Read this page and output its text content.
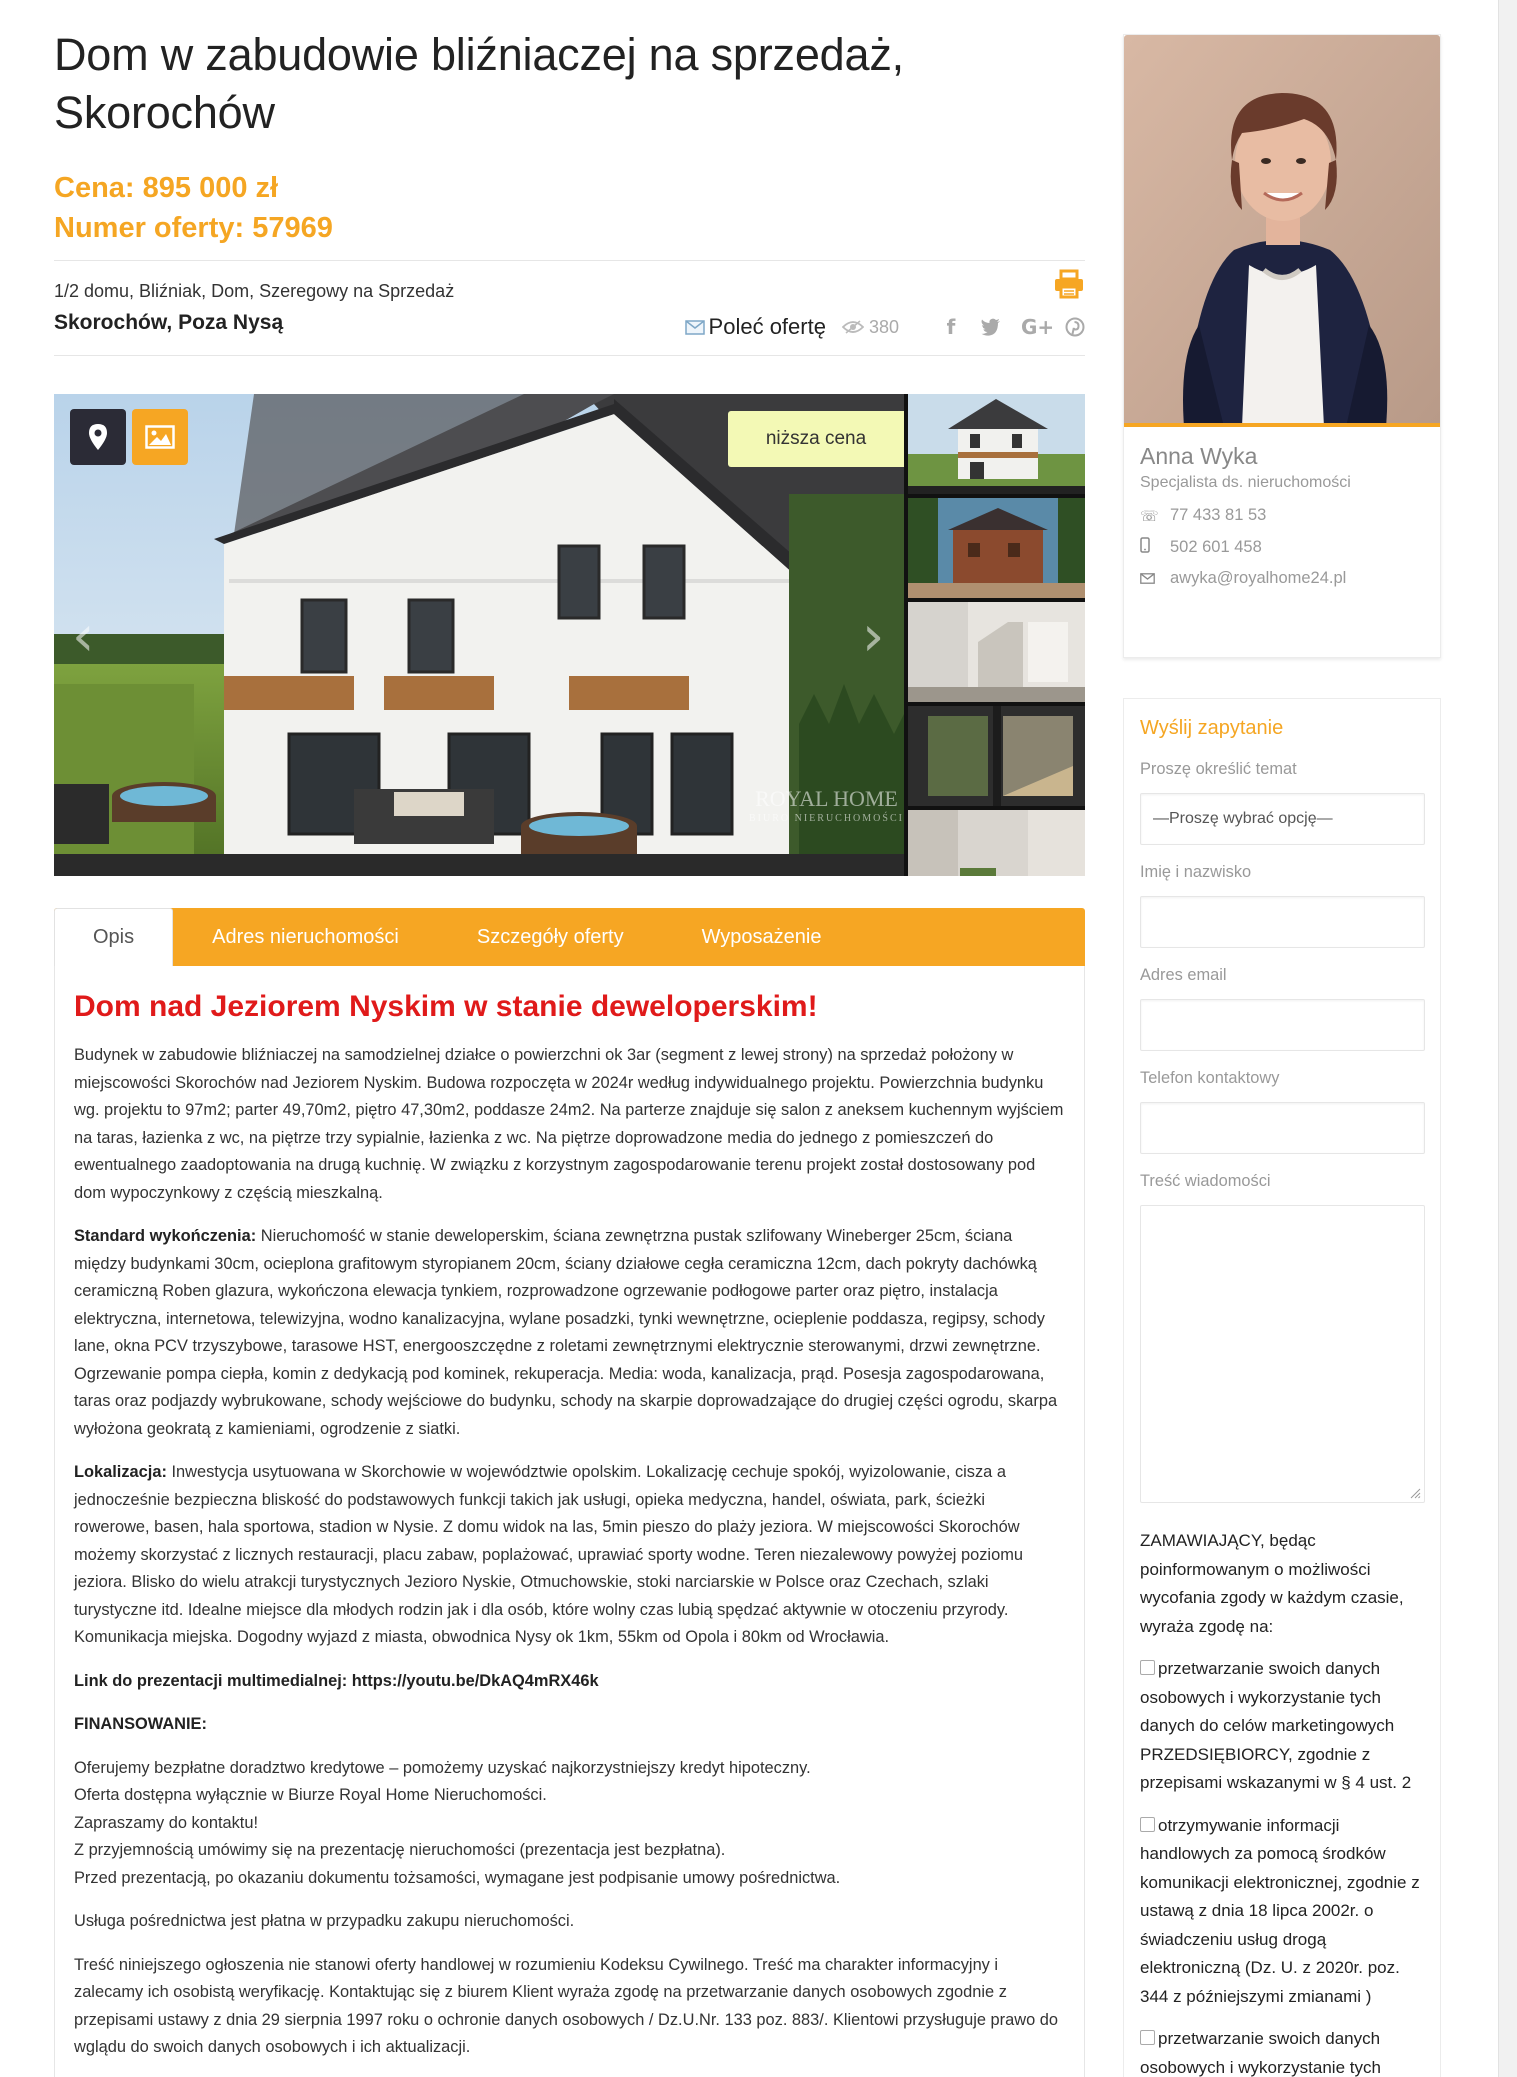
Dom w zabudowie bliźniaczej na sprzedaż, Skorochów
Cena: 895 000 zł
Numer oferty: 57969
1/2 domu, Bliźniak, Dom, Szeregowy na Sprzedaż
Skorochów, Poza Nysą	Poleć ofertę 380 f	G+
‹	›
ROYAL HOME
BIURO NIERUCHOMOŚCI
niższa cena
Opis	Adres nieruchomości	Szczegóły oferty	Wyposażenie
Dom nad Jeziorem Nyskim w stanie deweloperskim!

Budynek w zabudowie bliźniaczej na samodzielnej działce o powierzchni ok 3ar (segment z lewej strony) na sprzedaż położony w miejscowości Skorochów nad Jeziorem Nyskim. Budowa rozpoczęta w 2024r według indywidualnego projektu. Powierzchnia budynku wg. projektu to 97m2; parter 49,70m2, piętro 47,30m2, poddasze 24m2. Na parterze znajduje się salon z aneksem kuchennym wyjściem na taras, łazienka z wc, na piętrze trzy sypialnie, łazienka z wc. Na piętrze doprowadzone media do jednego z pomieszczeń do ewentualnego zaadoptowania na drugą kuchnię. W związku z korzystnym zagospodarowanie terenu projekt został dostosowany pod dom wypoczynkowy z częścią mieszkalną.

Standard wykończenia: Nieruchomość w stanie deweloperskim, ściana zewnętrzna pustak szlifowany Wineberger 25cm, ściana między budynkami 30cm, ocieplona grafitowym styropianem 20cm, ściany działowe cegła ceramiczna 12cm, dach pokryty dachówką ceramiczną Roben glazura, wykończona elewacja tynkiem, rozprowadzone ogrzewanie podłogowe parter oraz piętro, instalacja elektryczna, internetowa, telewizyjna, wodno kanalizacyjna, wylane posadzki, tynki wewnętrzne, ocieplenie poddasza, regipsy, schody lane, okna PCV trzyszybowe, tarasowe HST, energooszczędne z roletami zewnętrznymi elektrycznie sterowanymi, drzwi zewnętrzne. Ogrzewanie pompa ciepła, komin z dedykacją pod kominek, rekuperacja. Media: woda, kanalizacja, prąd. Posesja zagospodarowana, taras oraz podjazdy wybrukowane, schody wejściowe do budynku, schody na skarpie doprowadzające do drugiej części ogrodu, skarpa wyłożona geokratą z kamieniami, ogrodzenie z siatki.

Lokalizacja: Inwestycja usytuowana w Skorchowie w województwie opolskim. Lokalizację cechuje spokój, wyizolowanie, cisza a jednocześnie bezpieczna bliskość do podstawowych funkcji takich jak usługi, opieka medyczna, handel, oświata, park, ścieżki rowerowe, basen, hala sportowa, stadion w Nysie. Z domu widok na las, 5min pieszo do plaży jeziora. W miejscowości Skorochów możemy skorzystać z licznych restauracji, placu zabaw, poplażować, uprawiać sporty wodne. Teren niezalewowy powyżej poziomu jeziora. Blisko do wielu atrakcji turystycznych Jezioro Nyskie, Otmuchowskie, stoki narciarskie w Polsce oraz Czechach, szlaki turystyczne itd. Idealne miejsce dla młodych rodzin jak i dla osób, które wolny czas lubią spędzać aktywnie w otoczeniu przyrody. Komunikacja miejska. Dogodny wyjazd z miasta, obwodnica Nysy ok 1km, 55km od Opola i 80km od Wrocławia.

Link do prezentacji multimedialnej: https://youtu.be/DkAQ4mRX46k

FINANSOWANIE:

Oferujemy bezpłatne doradztwo kredytowe – pomożemy uzyskać najkorzystniejszy kredyt hipoteczny.
Oferta dostępna wyłącznie w Biurze Royal Home Nieruchomości.
Zapraszamy do kontaktu!
Z przyjemnością umówimy się na prezentację nieruchomości (prezentacja jest bezpłatna).
Przed prezentacją, po okazaniu dokumentu tożsamości, wymagane jest podpisanie umowy pośrednictwa.

Usługa pośrednictwa jest płatna w przypadku zakupu nieruchomości.

Treść niniejszego ogłoszenia nie stanowi oferty handlowej w rozumieniu Kodeksu Cywilnego. Treść ma charakter informacyjny i zalecamy ich osobistą weryfikację. Kontaktując się z biurem Klient wyraża zgodę na przetwarzanie danych osobowych zgodnie z przepisami ustawy z dnia 29 sierpnia 1997 roku o ochronie danych osobowych / Dz.U.Nr. 133 poz. 883/. Klientowi przysługuje prawo do wglądu do swoich danych osobowych i ich aktualizacji.

Anna Wyka
Specjalista ds. nieruchomości
☏ 77 433 81 53
502 601 458
awyka@royalhome24.pl
Wyślij zapytanie
Proszę określić temat
—Proszę wybrać opcję—
Imię i nazwisko
Adres email
Telefon kontaktowy
Treść wiadomości
ZAMAWIAJĄCY, będąc poinformowanym o możliwości wycofania zgody w każdym czasie, wyraża zgodę na:
przetwarzanie swoich danych osobowych i wykorzystanie tych danych do celów marketingowych PRZEDSIĘBIORCY, zgodnie z przepisami wskazanymi w § 4 ust. 2
otrzymywanie informacji handlowych za pomocą środków komunikacji elektronicznej, zgodnie z ustawą z dnia 18 lipca 2002r. o świadczeniu usług drogą elektroniczną (Dz. U. z 2020r. poz. 344 z późniejszymi zmianami )
przetwarzanie swoich danych osobowych i wykorzystanie tych
